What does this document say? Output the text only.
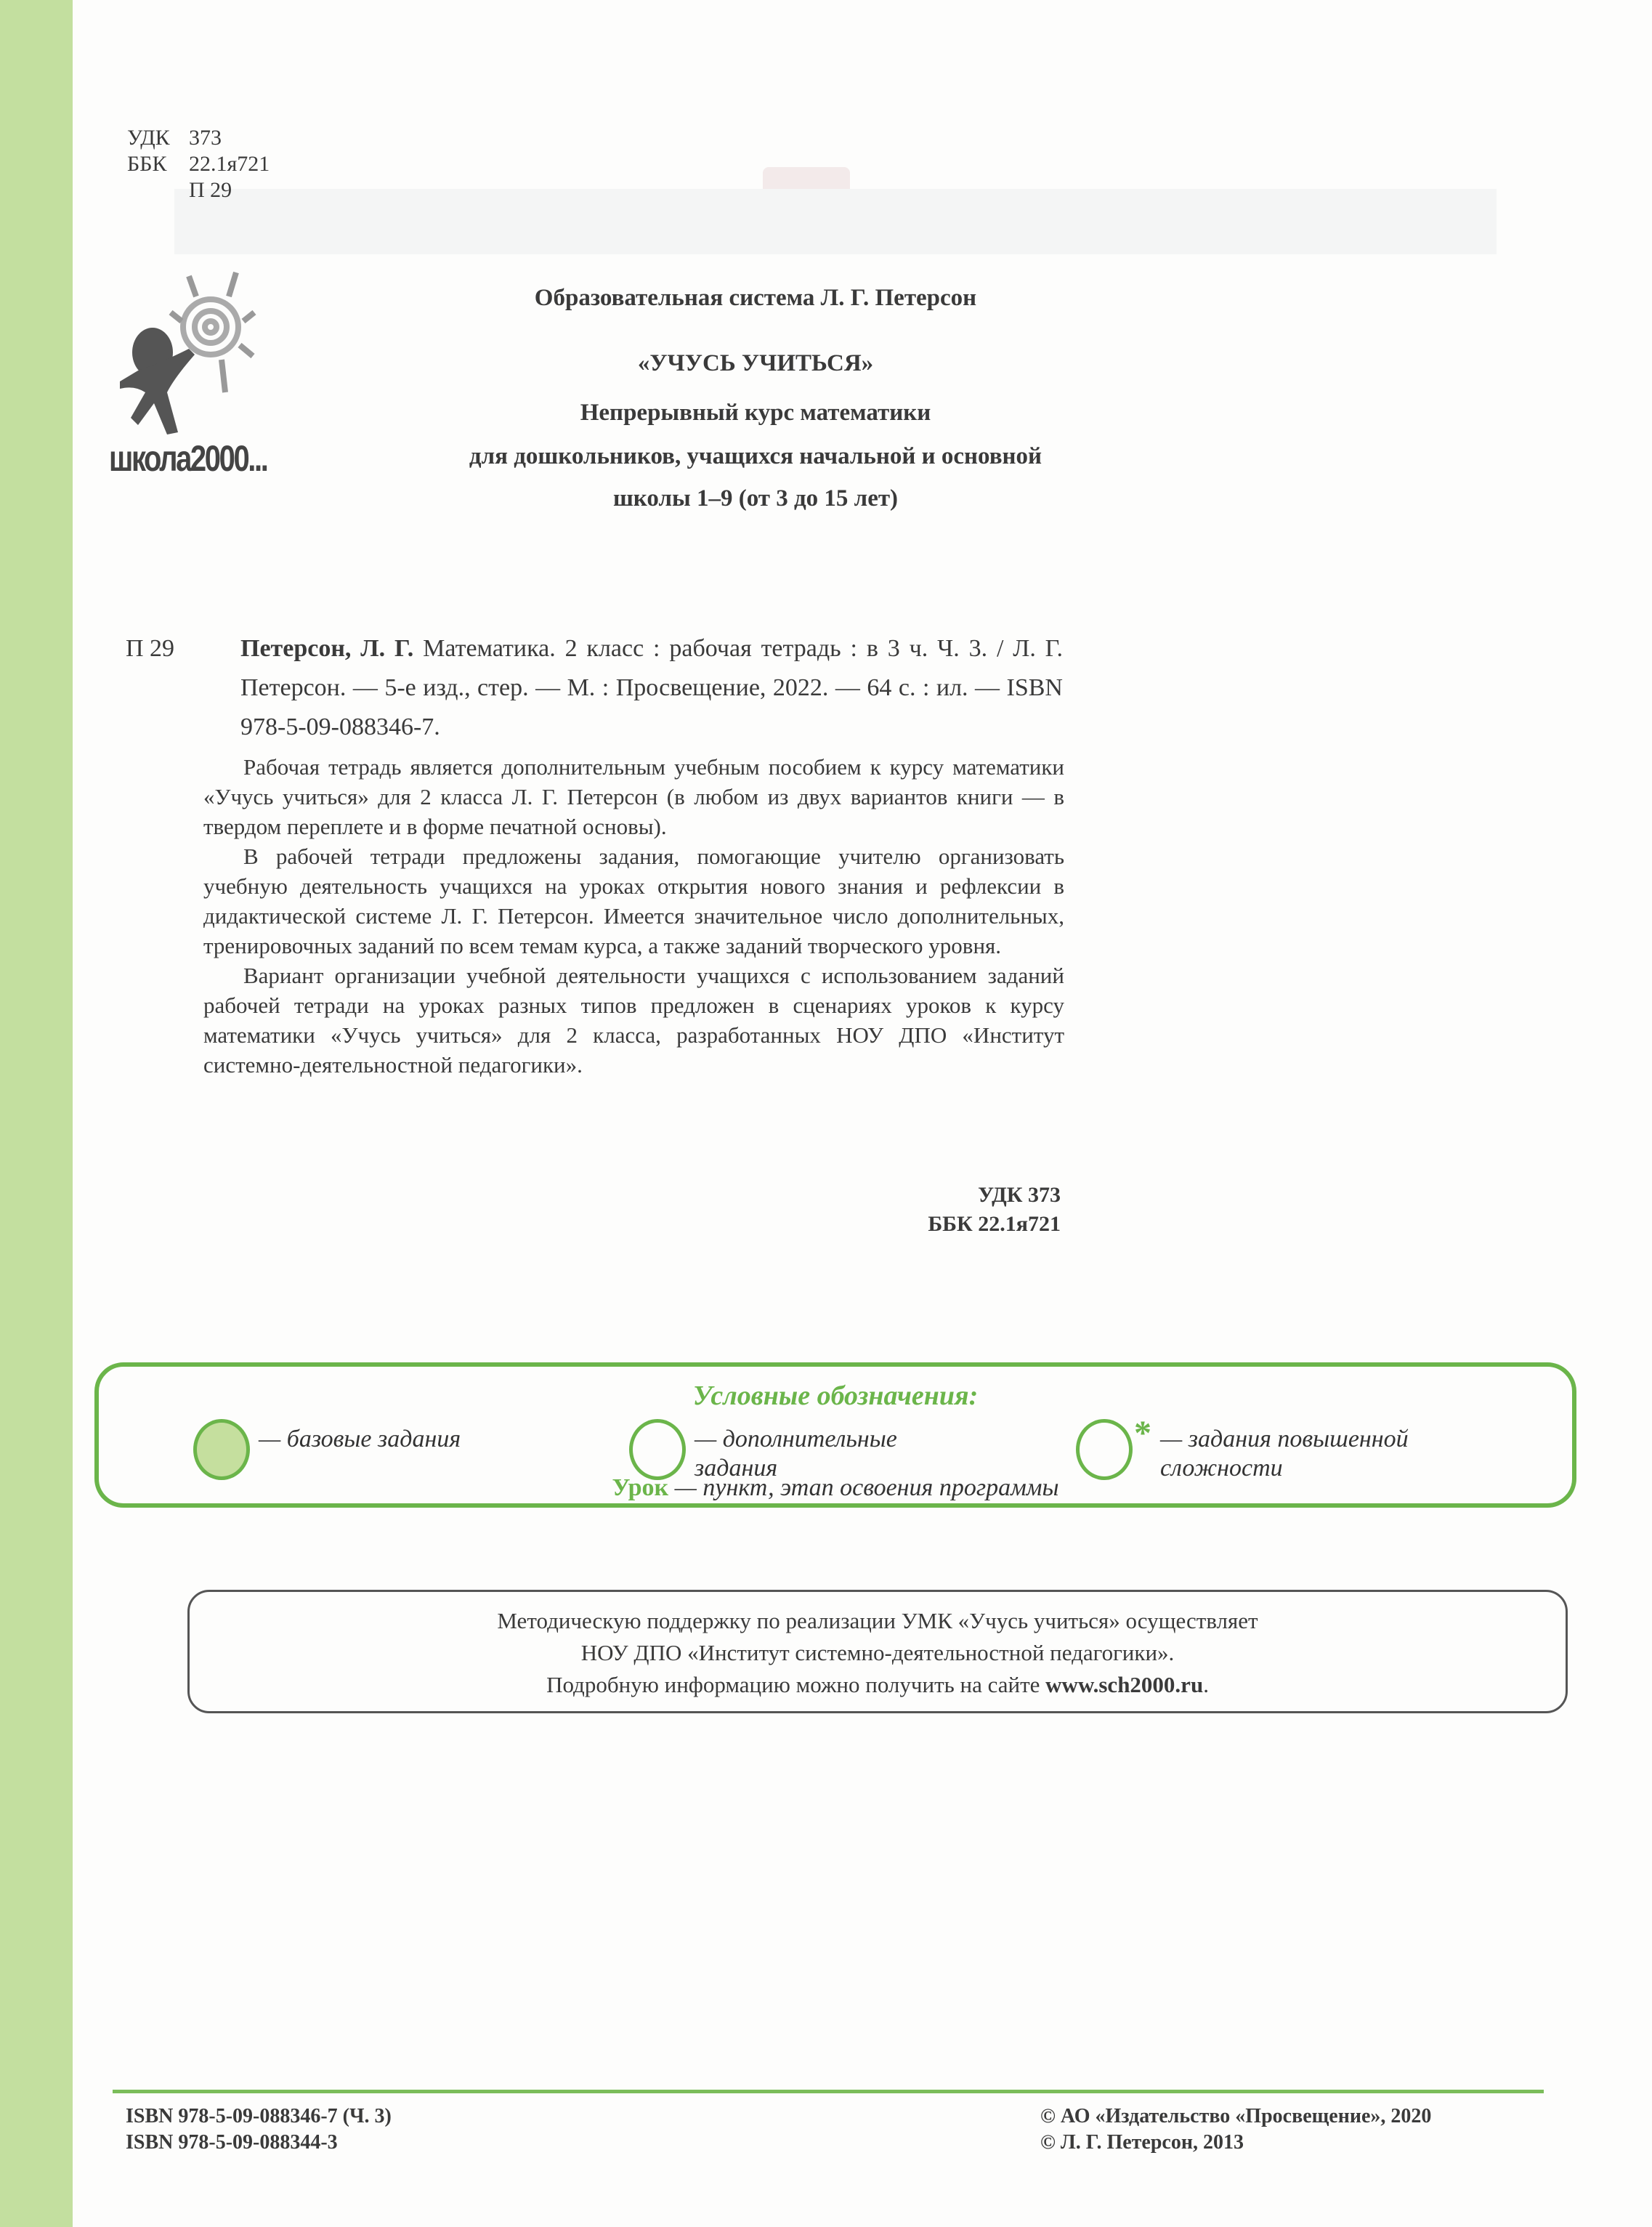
УДК 373
ББК	22.1я721
П 29
школа2000...
Образовательная система Л. Г. Петерсон
«УЧУСЬ УЧИТЬСЯ»
Непрерывный курс математики
для дошкольников, учащихся начальной и основной
школы 1–9 (от 3 до 15 лет)
П 29	Петерсон, Л. Г. Математика. 2 класс : рабочая тетрадь : в 3 ч. Ч. 3. / Л. Г. Петерсон. — 5-е изд., стер. — М. : Просвещение, 2022. — 64 с. : ил. — ISBN 978-5-09-088346-7.

Рабочая тетрадь является дополнительным учебным пособием к курсу математики «Учусь учиться» для 2 класса Л. Г. Петерсон (в любом из двух вариантов книги — в твердом переплете и в форме печатной основы).

В рабочей тетради предложены задания, помогающие учителю организовать учебную деятельность учащихся на уроках открытия нового знания и рефлексии в дидактической системе Л. Г. Петерсон. Имеется значительное число дополнительных, тренировочных заданий по всем темам курса, а также заданий творческого уровня.

Вариант организации учебной деятельности учащихся с использованием заданий рабочей тетради на уроках разных типов предложен в сценариях уроков к курсу математики «Учусь учиться» для 2 класса, разработанных НОУ ДПО «Институт системно-деятельностной педагогики».

УДК 373
ББК 22.1я721
Условные обозначения:
— базовые задания	— дополнительные задания
* — задания повышенной сложности
Урок — пункт, этап освоения программы
Методическую поддержку по реализации УМК «Учусь учиться» осуществляет
НОУ ДПО «Институт системно-деятельностной педагогики».
Подробную информацию можно получить на сайте www.sch2000.ru.
ISBN 978-5-09-088346-7 (Ч. 3)
ISBN 978-5-09-088344-3
© АО «Издательство «Просвещение», 2020
© Л. Г. Петерсон, 2013
